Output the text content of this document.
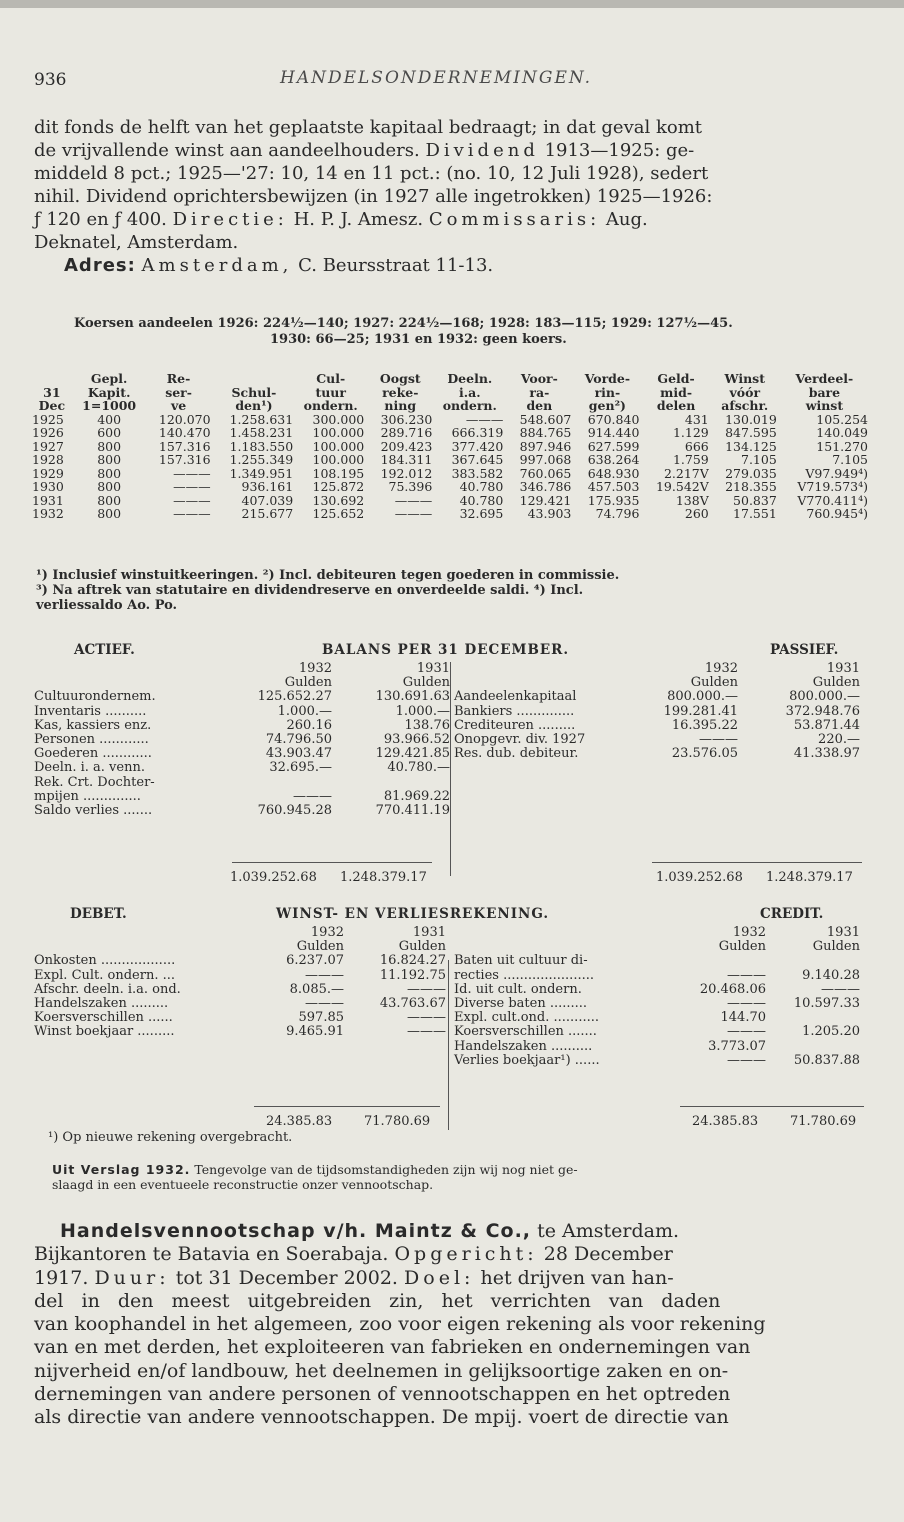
936	HANDELSONDERNEMINGEN.
dit fonds de helft van het geplaatste kapitaal bedraagt; in dat geval komt
de vrijvallende winst aan aandeelhouders. Dividend 1913—1925: ge-
middeld 8 pct.; 1925—'27: 10, 14 en 11 pct.: (no. 10, 12 Juli 1928), sedert
nihil. Dividend oprichtersbewijzen (in 1927 alle ingetrokken) 1925—1926:
ƒ 120 en ƒ 400. Directie: H. P. J. Amesz. Commissaris: Aug.
Deknatel, Amsterdam.
Adres: Amsterdam, C. Beursstraat 11-13.
Koersen aandeelen 1926: 224½—140; 1927: 224½—168; 1928: 183—115; 1929: 127½—45.
1930: 66—25; 1931 en 1932: geen koers.
	Gepl.	Re-		Cul-	Oogst	Deeln.	Voor-	Vorde-	Geld-	Winst	Verdeel-
31	Kapit.	ser-	Schul-	tuur	reke-	i.a.	ra-	rin-	mid-	vóór	bare
Dec	1=1000	ve	den¹)	ondern.	ning	ondern.	den	gen²)	delen	afschr.	winst
1925	400	120.070	1.258.631	300.000	306.230	———	548.607	670.840	431	130.019	105.254
1926	600	140.470	1.458.231	100.000	289.716	666.319	884.765	914.440	1.129	847.595	140.049
1927	800	157.316	1.183.550	100.000	209.423	377.420	897.946	627.599	666	134.125	151.270
1928	800	157.316	1.255.349	100.000	184.311	367.645	997.068	638.264	1.759	7.105	7.105
1929	800	———	1.349.951	108.195	192.012	383.582	760.065	648.930	2.217V	279.035	V97.949⁴)
1930	800	———	936.161	125.872	75.396	40.780	346.786	457.503	19.542V	218.355	V719.573⁴)
1931	800	———	407.039	130.692	———	40.780	129.421	175.935	138V	50.837	V770.411⁴)
1932	800	———	215.677	125.652	———	32.695	43.903	74.796	260	17.551	760.945⁴)
¹) Inclusief winstuitkeeringen. ²) Incl. debiteuren tegen goederen in commissie.
³) Na aftrek van statutaire en dividendreserve en onverdeelde saldi. ⁴) Incl.
verliessaldo Ao. Po.
ACTIEF.	BALANS PER 31 DECEMBER.	PASSIEF.
	1932	1931
	Gulden	Gulden
Cultuurondernem.	125.652.27	130.691.63
Inventaris ..........	1.000.—	1.000.—
Kas, kassiers enz.	260.16	138.76
Personen ............	74.796.50	93.966.52
Goederen ............	43.903.47	129.421.85
Deeln. i. a. venn.	32.695.—	40.780.—
Rek. Crt. Dochter-		
mpijen ..............	———	81.969.22
Saldo verlies .......	760.945.28	770.411.19
	1932	1931
	Gulden	Gulden
Aandeelenkapitaal	800.000.—	800.000.—
Bankiers ..............	199.281.41	372.948.76
Crediteuren .........	16.395.22	53.871.44
Onopgevr. div. 1927	———	220.—
Res. dub. debiteur.	23.576.05	41.338.97
1.039.252.68 1.248.379.17	1.039.252.68 1.248.379.17
DEBET.	WINST- EN VERLIESREKENING.	CREDIT.
	1932	1931
	Gulden	Gulden
Onkosten ..................	6.237.07	16.824.27
Expl. Cult. ondern. ...	———	11.192.75
Afschr. deeln. i.a. ond.	8.085.—	———
Handelszaken .........	———	43.763.67
Koersverschillen ......	597.85	———
Winst boekjaar .........	9.465.91	———
	1932	1931
	Gulden	Gulden
Baten uit cultuur di-		
recties ......................	———	9.140.28
Id. uit cult. ondern.	20.468.06	———
Diverse baten .........	———	10.597.33
Expl. cult.ond. ...........	144.70	
Koersverschillen .......	———	1.205.20
Handelszaken ..........	3.773.07	
Verlies boekjaar¹) ......	———	50.837.88
24.385.83 71.780.69	24.385.83 71.780.69
¹) Op nieuwe rekening overgebracht.
Uit Verslag 1932. Tengevolge van de tijdsomstandigheden zijn wij nog niet ge-
slaagd in een eventueele reconstructie onzer vennootschap.
Handelsvennootschap v/h. Maintz & Co., te Amsterdam.
Bijkantoren te Batavia en Soerabaja. Opgericht: 28 December
1917. Duur: tot 31 December 2002. Doel: het drijven van han-
del in den meest uitgebreiden zin, het verrichten van daden
van koophandel in het algemeen, zoo voor eigen rekening als voor rekening
van en met derden, het exploiteeren van fabrieken en ondernemingen van
nijverheid en/of landbouw, het deelnemen in gelijksoortige zaken en on-
dernemingen van andere personen of vennootschappen en het optreden
als directie van andere vennootschappen. De mpij. voert de directie van
